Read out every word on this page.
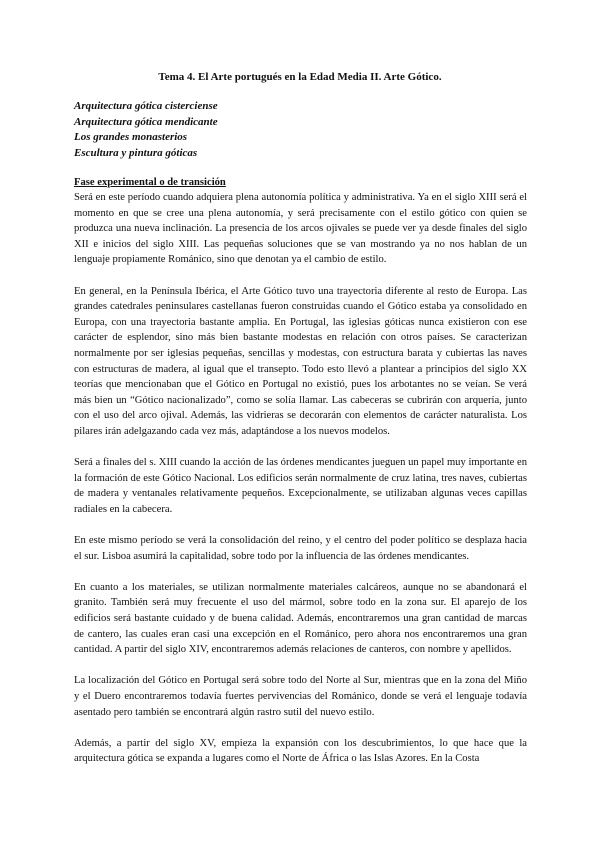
Tema 4. El Arte portugués en la Edad Media II. Arte Gótico.
Arquitectura gótica cisterciense
Arquitectura gótica mendicante
Los grandes monasterios
Escultura y pintura góticas
Fase experimental o de transición

Será en este período cuando adquiera plena autonomía política y administrativa. Ya en el siglo XIII será el momento en que se cree una plena autonomía, y será precisamente con el estilo gótico con quien se produzca una nueva inclinación. La presencia de los arcos ojivales se puede ver ya desde finales del siglo XII e inicios del siglo XIII. Las pequeñas soluciones que se van mostrando ya no nos hablan de un lenguaje propiamente Románico, sino que denotan ya el cambio de estilo.

En general, en la Península Ibérica, el Arte Gótico tuvo una trayectoria diferente al resto de Europa. Las grandes catedrales peninsulares castellanas fueron construidas cuando el Gótico estaba ya consolidado en Europa, con una trayectoria bastante amplia. En Portugal, las iglesias góticas nunca existieron con ese carácter de esplendor, sino más bien bastante modestas en relación con otros países. Se caracterizan normalmente por ser iglesias pequeñas, sencillas y modestas, con estructura barata y cubiertas las naves con estructuras de madera, al igual que el transepto. Todo esto llevó a plantear a principios del siglo XX teorías que mencionaban que el Gótico en Portugal no existió, pues los arbotantes no se veían. Se verá más bien un “Gótico nacionalizado”, como se solía llamar. Las cabeceras se cubrirán con arquería, junto con el uso del arco ojival. Además, las vidrieras se decorarán con elementos de carácter naturalista. Los pilares irán adelgazando cada vez más, adaptándose a los nuevos modelos.

Será a finales del s. XIII cuando la acción de las órdenes mendicantes jueguen un papel muy importante en la formación de este Gótico Nacional. Los edificios serán normalmente de cruz latina, tres naves, cubiertas de madera y ventanales relativamente pequeños. Excepcionalmente, se utilizaban algunas veces capillas radiales en la cabecera.

En este mismo período se verá la consolidación del reino, y el centro del poder político se desplaza hacia el sur. Lisboa asumirá la capitalidad, sobre todo por la influencia de las órdenes mendicantes.

En cuanto a los materiales, se utilizan normalmente materiales calcáreos, aunque no se abandonará el granito. También será muy frecuente el uso del mármol, sobre todo en la zona sur. El aparejo de los edificios será bastante cuidado y de buena calidad. Además, encontraremos una gran cantidad de marcas de cantero, las cuales eran casi una excepción en el Románico, pero ahora nos encontraremos una gran cantidad. A partir del siglo XIV, encontraremos además relaciones de canteros, con nombre y apellidos.

La localización del Gótico en Portugal será sobre todo del Norte al Sur, mientras que en la zona del Miño y el Duero encontraremos todavía fuertes pervivencias del Románico, donde se verá el lenguaje todavía asentado pero también se encontrará algún rastro sutil del nuevo estilo.

Además, a partir del siglo XV, empieza la expansión con los descubrimientos, lo que hace que la arquitectura gótica se expanda a lugares como el Norte de África o las Islas Azores. En la Costa
